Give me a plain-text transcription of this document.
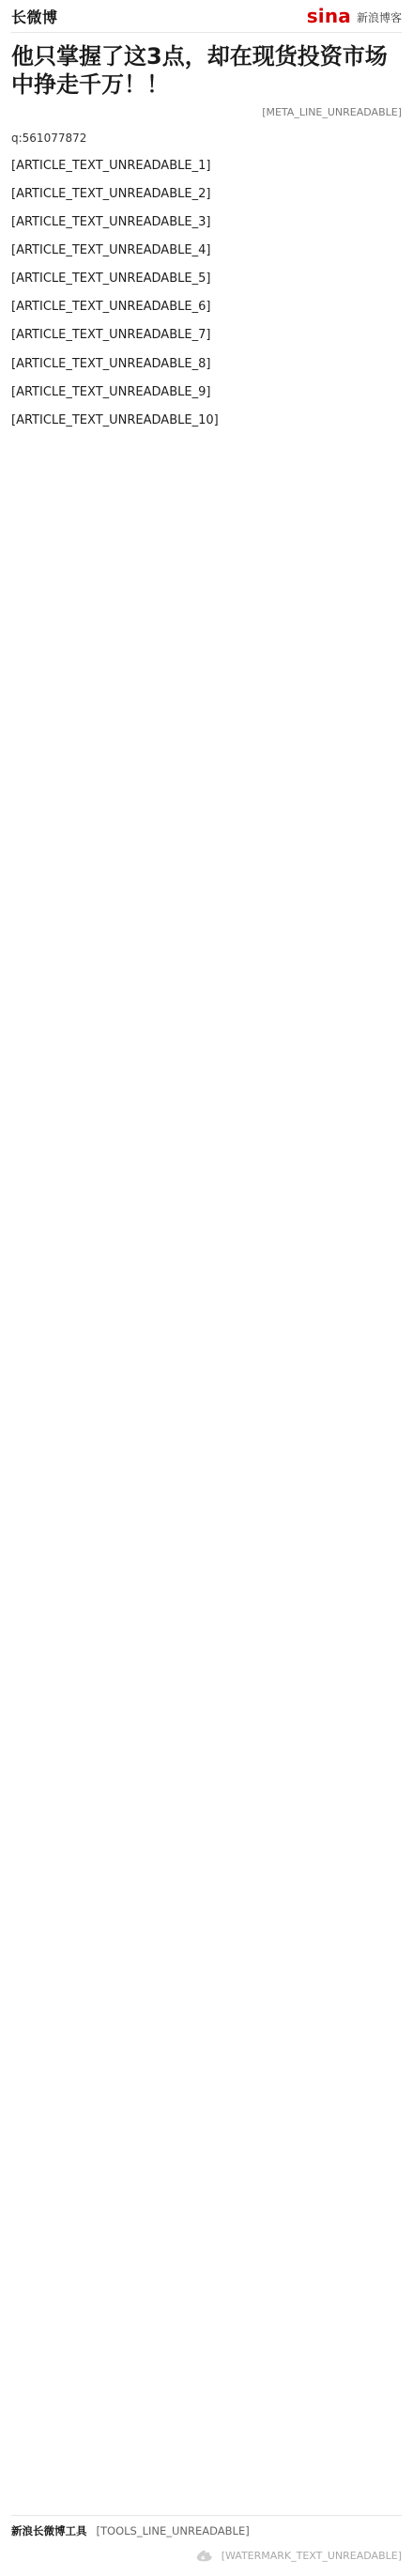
长微博	sina 新浪博客
他只掌握了这3点，却在现货投资市场中挣走千万！！
[META_LINE_UNREADABLE]
q:561077872

[ARTICLE_TEXT_UNREADABLE_1]

[ARTICLE_TEXT_UNREADABLE_2]

[ARTICLE_TEXT_UNREADABLE_3]

[ARTICLE_TEXT_UNREADABLE_4]

[ARTICLE_TEXT_UNREADABLE_5]

[ARTICLE_TEXT_UNREADABLE_6]

[ARTICLE_TEXT_UNREADABLE_7]

[ARTICLE_TEXT_UNREADABLE_8]

[ARTICLE_TEXT_UNREADABLE_9]

[ARTICLE_TEXT_UNREADABLE_10]

新浪长微博工具 [TOOLS_LINE_UNREADABLE]
[WATERMARK_TEXT_UNREADABLE]
